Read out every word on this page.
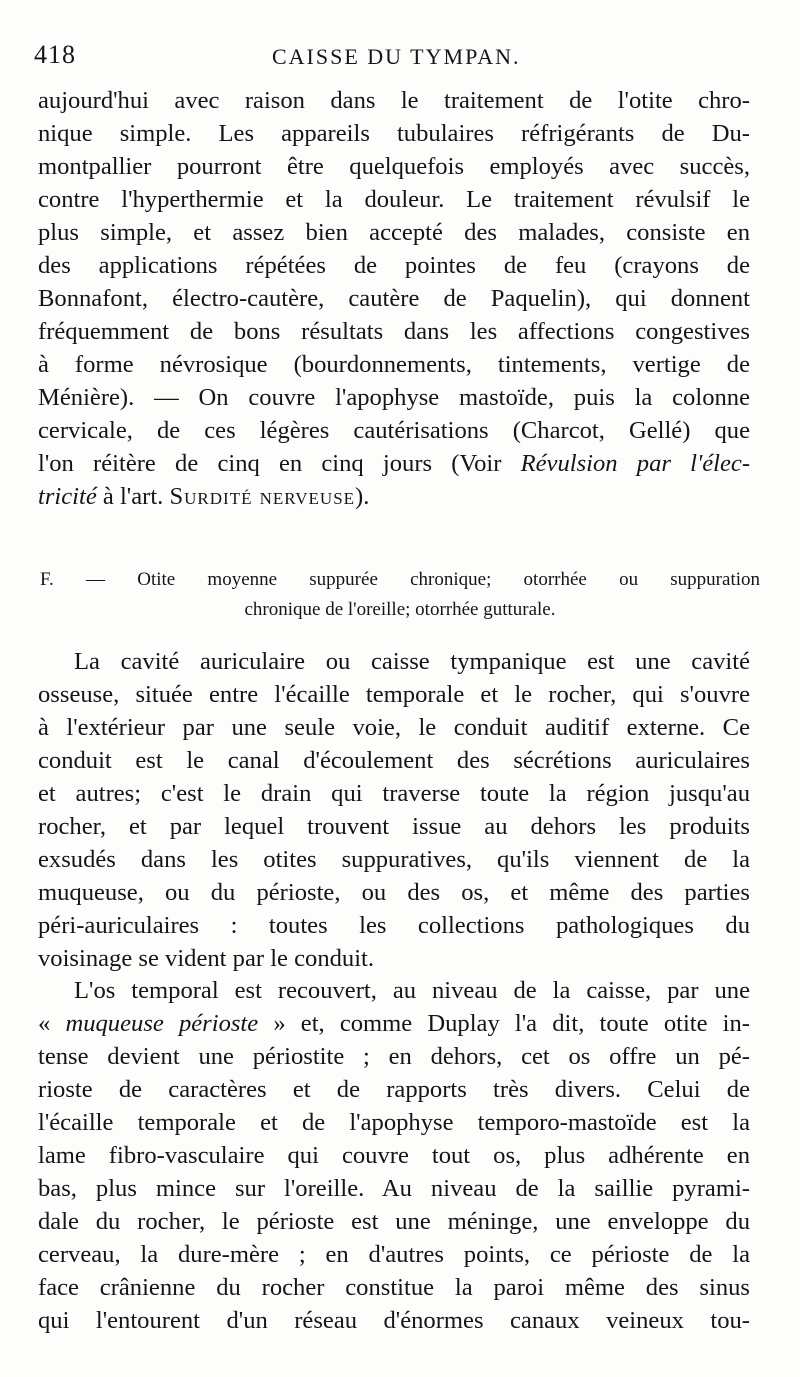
418	CAISSE DU TYMPAN.
aujourd'hui avec raison dans le traitement de l'otite chro-
nique simple. Les appareils tubulaires réfrigérants de Du-
montpallier pourront être quelquefois employés avec succès,
contre l'hyperthermie et la douleur. Le traitement révulsif le
plus simple, et assez bien accepté des malades, consiste en
des applications répétées de pointes de feu (crayons de
Bonnafont, électro-cautère, cautère de Paquelin), qui donnent
fréquemment de bons résultats dans les affections congestives
à forme névrosique (bourdonnements, tintements, vertige de
Ménière). — On couvre l'apophyse mastoïde, puis la colonne
cervicale, de ces légères cautérisations (Charcot, Gellé) que
l'on réitère de cinq en cinq jours (Voir Révulsion par l'élec-
tricité à l'art. Surdité nerveuse).
F. — Otite moyenne suppurée chronique; otorrhée ou suppuration
chronique de l'oreille; otorrhée gutturale.
La cavité auriculaire ou caisse tympanique est une cavité
osseuse, située entre l'écaille temporale et le rocher, qui s'ouvre
à l'extérieur par une seule voie, le conduit auditif externe. Ce
conduit est le canal d'écoulement des sécrétions auriculaires
et autres; c'est le drain qui traverse toute la région jusqu'au
rocher, et par lequel trouvent issue au dehors les produits
exsudés dans les otites suppuratives, qu'ils viennent de la
muqueuse, ou du périoste, ou des os, et même des parties
péri-auriculaires : toutes les collections pathologiques du
voisinage se vident par le conduit.
L'os temporal est recouvert, au niveau de la caisse, par une
« muqueuse périoste » et, comme Duplay l'a dit, toute otite in-
tense devient une périostite ; en dehors, cet os offre un pé-
rioste de caractères et de rapports très divers. Celui de
l'écaille temporale et de l'apophyse temporo-mastoïde est la
lame fibro-vasculaire qui couvre tout os, plus adhérente en
bas, plus mince sur l'oreille. Au niveau de la saillie pyrami-
dale du rocher, le périoste est une méninge, une enveloppe du
cerveau, la dure-mère ; en d'autres points, ce périoste de la
face crânienne du rocher constitue la paroi même des sinus
qui l'entourent d'un réseau d'énormes canaux veineux tou-
